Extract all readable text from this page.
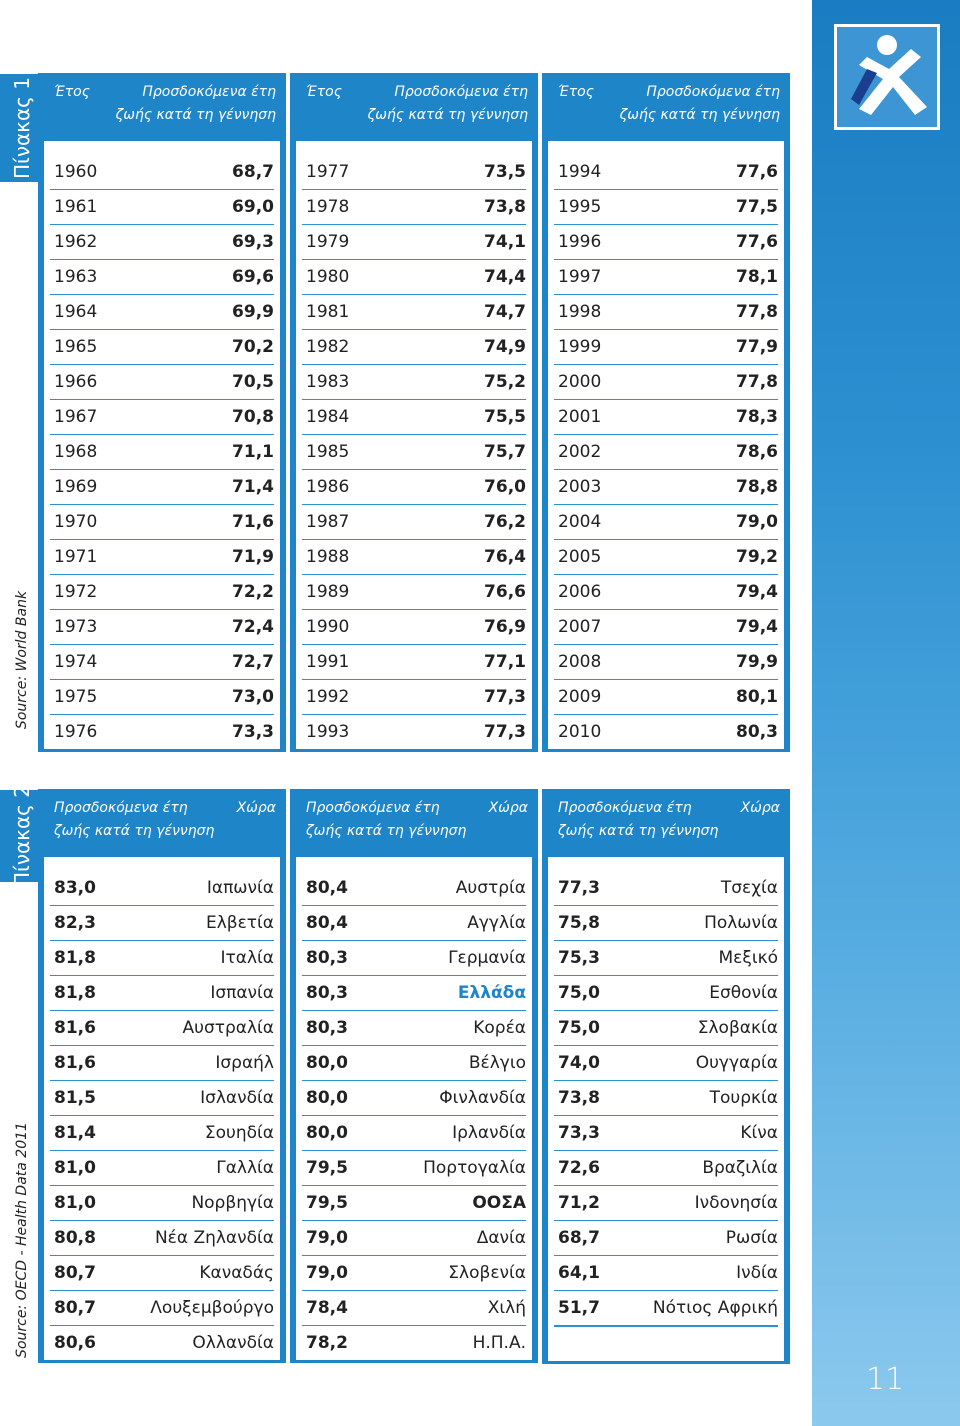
11
Πίνακας 1
Source: World Bank
Πίνακας 2
Source: OECD - Health Data 2011
Έτος	Προσδοκόμενα έτη
ζωής κατά τη γέννηση
1960	68,7
1961	69,0
1962	69,3
1963	69,6
1964	69,9
1965	70,2
1966	70,5
1967	70,8
1968	71,1
1969	71,4
1970	71,6
1971	71,9
1972	72,2
1973	72,4
1974	72,7
1975	73,0
1976	73,3
Έτος	Προσδοκόμενα έτη
ζωής κατά τη γέννηση
1977	73,5
1978	73,8
1979	74,1
1980	74,4
1981	74,7
1982	74,9
1983	75,2
1984	75,5
1985	75,7
1986	76,0
1987	76,2
1988	76,4
1989	76,6
1990	76,9
1991	77,1
1992	77,3
1993	77,3
Έτος	Προσδοκόμενα έτη
ζωής κατά τη γέννηση
1994	77,6
1995	77,5
1996	77,6
1997	78,1
1998	77,8
1999	77,9
2000	77,8
2001	78,3
2002	78,6
2003	78,8
2004	79,0
2005	79,2
2006	79,4
2007	79,4
2008	79,9
2009	80,1
2010	80,3
Προσδοκόμενα έτη
ζωής κατά τη γέννηση
Χώρα
83,0	Ιαπωνία
82,3	Ελβετία
81,8	Ιταλία
81,8	Ισπανία
81,6	Αυστραλία
81,6	Ισραήλ
81,5	Ισλανδία
81,4	Σουηδία
81,0	Γαλλία
81,0	Νορβηγία
80,8	Νέα Ζηλανδία
80,7	Καναδάς
80,7	Λουξεμβούργο
80,6	Ολλανδία
Προσδοκόμενα έτη
ζωής κατά τη γέννηση
Χώρα
80,4	Αυστρία
80,4	Αγγλία
80,3	Γερμανία
80,3	Ελλάδα
80,3	Κορέα
80,0	Βέλγιο
80,0	Φινλανδία
80,0	Ιρλανδία
79,5	Πορτογαλία
79,5	ΟΟΣΑ
79,0	Δανία
79,0	Σλοβενία
78,4	Χιλή
78,2	Η.Π.Α.
Προσδοκόμενα έτη
ζωής κατά τη γέννηση
Χώρα
77,3	Τσεχία
75,8	Πολωνία
75,3	Μεξικό
75,0	Εσθονία
75,0	Σλοβακία
74,0	Ουγγαρία
73,8	Τουρκία
73,3	Κίνα
72,6	Βραζιλία
71,2	Ινδονησία
68,7	Ρωσία
64,1	Ινδία
51,7	Νότιος Αφρική
